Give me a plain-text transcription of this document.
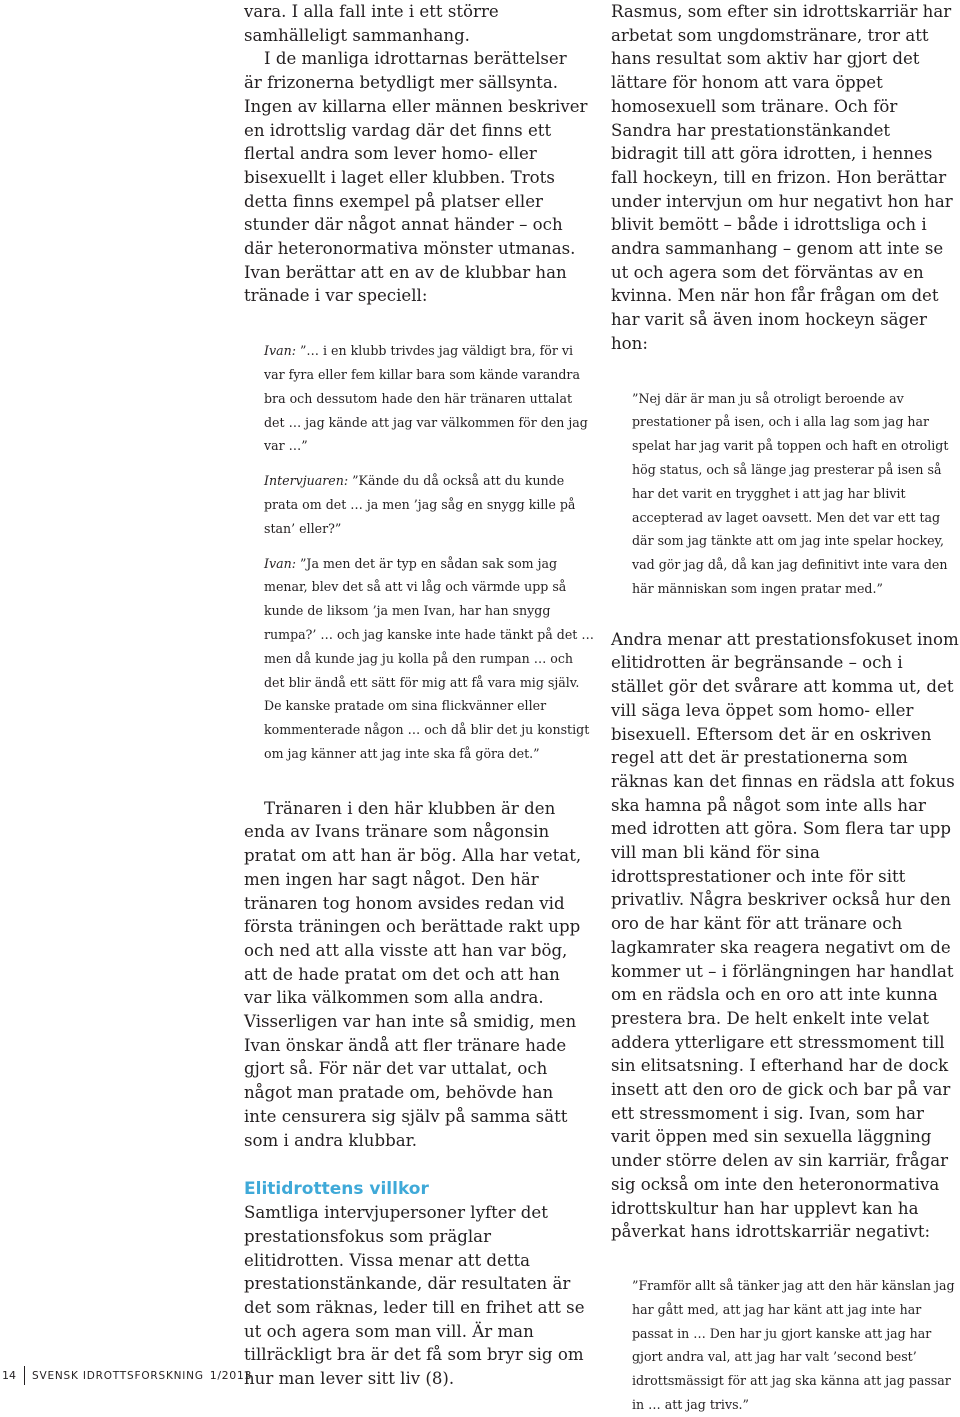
vara. I alla fall inte i ett större samhälleligt sammanhang.

I de manliga idrottarnas berättelser är frizonerna betydligt mer sällsynta. Ingen av killarna eller männen beskriver en idrottslig vardag där det finns ett flertal andra som lever homo- eller bisexuellt i laget eller klubben. Trots detta finns exempel på platser eller stunder där något annat händer – och där heteronormativa mönster utmanas. Ivan berättar att en av de klubbar han tränade i var speciell:

Ivan: ”… i en klubb trivdes jag väldigt bra, för vi var fyra eller fem killar bara som kände varandra bra och dessutom hade den här tränaren uttalat det … jag kände att jag var välkommen för den jag var …”

Intervjuaren: ”Kände du då också att du kunde prata om det … ja men ’jag såg en snygg kille på stan’ eller?”

Ivan: ”Ja men det är typ en sådan sak som jag menar, blev det så att vi låg och värmde upp så kunde de liksom ’ja men Ivan, har han snygg rumpa?’ … och jag kanske inte hade tänkt på det … men då kunde jag ju kolla på den rumpan … och det blir ändå ett sätt för mig att få vara mig själv. De kanske pratade om sina flickvänner eller kommenterade någon … och då blir det ju konstigt om jag känner att jag inte ska få göra det.”

Tränaren i den här klubben är den enda av Ivans tränare som någonsin pratat om att han är bög. Alla har vetat, men ingen har sagt något. Den här tränaren tog honom avsides redan vid första träningen och berättade rakt upp och ned att alla visste att han var bög, att de hade pratat om det och att han var lika välkommen som alla andra. Visserligen var han inte så smidig, men Ivan önskar ändå att fler tränare hade gjort så. För när det var uttalat, och något man pratade om, behövde han inte censurera sig själv på samma sätt som i andra klubbar.

Elitidrottens villkor

Samtliga intervjupersoner lyfter det prestationsfokus som präglar elitidrotten. Vissa menar att detta prestationstänkande, där resultaten är det som räknas, leder till en frihet att se ut och agera som man vill. Är man tillräckligt bra är det få som bryr sig om hur man lever sitt liv (8).

Rasmus, som efter sin idrottskarriär har arbetat som ungdomstränare, tror att hans resultat som aktiv har gjort det lättare för honom att vara öppet homosexuell som tränare. Och för Sandra har prestationstänkandet bidragit till att göra idrotten, i hennes fall hockeyn, till en frizon. Hon berättar under intervjun om hur negativt hon har blivit bemött – både i idrottsliga och i andra sammanhang – genom att inte se ut och agera som det förväntas av en kvinna. Men när hon får frågan om det har varit så även inom hockeyn säger hon:

”Nej där är man ju så otroligt beroende av prestationer på isen, och i alla lag som jag har spelat har jag varit på toppen och haft en otroligt hög status, och så länge jag presterar på isen så har det varit en trygghet i att jag har blivit accepterad av laget oavsett. Men det var ett tag där som jag tänkte att om jag inte spelar hockey, vad gör jag då, då kan jag definitivt inte vara den här människan som ingen pratar med.”

Andra menar att prestationsfokuset inom elitidrotten är begränsande – och i stället gör det svårare att komma ut, det vill säga leva öppet som homo- eller bisexuell. Eftersom det är en oskriven regel att det är prestationerna som räknas kan det finnas en rädsla att fokus ska hamna på något som inte alls har med idrotten att göra. Som flera tar upp vill man bli känd för sina idrottsprestationer och inte för sitt privatliv. Några beskriver också hur den oro de har känt för att tränare och lagkamrater ska reagera negativt om de kommer ut – i förlängningen har handlat om en rädsla och en oro att inte kunna prestera bra. De helt enkelt inte velat addera ytterligare ett stressmoment till sin elitsatsning. I efterhand har de dock insett att den oro de gick och bar på var ett stressmoment i sig. Ivan, som har varit öppen med sin sexuella läggning under större delen av sin karriär, frågar sig också om inte den heteronormativa idrottskultur han har upplevt kan ha påverkat hans idrottskarriär negativt:

”Framför allt så tänker jag att den här känslan jag har gått med, att jag har känt att jag inte har passat in … Den har ju gjort kanske att jag har gjort andra val, att jag har valt ’second best’ idrottsmässigt för att jag ska känna att jag passar in … att jag trivs.”

14	SVENSK IDROTTSFORSKNING 1/2013
